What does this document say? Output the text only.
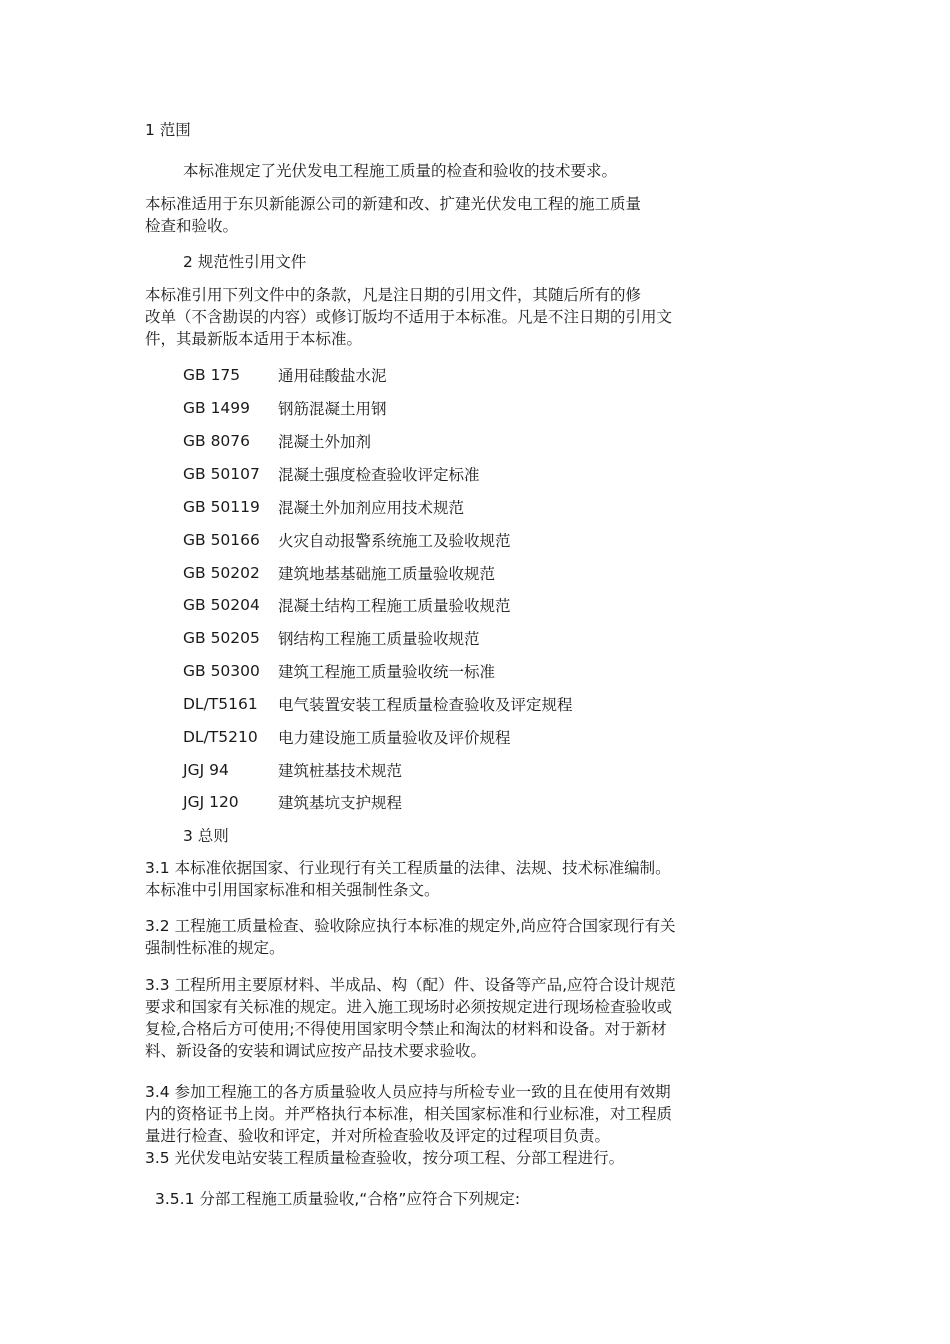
1 范围
本标准规定了光伏发电工程施工质量的检查和验收的技术要求。
本标准适用于东贝新能源公司的新建和改、扩建光伏发电工程的施工质量
检查和验收。
2 规范性引用文件
本标准引用下列文件中的条款，凡是注日期的引用文件，其随后所有的修
改单（不含勘误的内容）或修订版均不适用于本标准。凡是不注日期的引用文
件，其最新版本适用于本标准。
GB 175 通用硅酸盐水泥
GB 1499 钢筋混凝土用钢
GB 8076 混凝土外加剂
GB 50107 混凝土强度检查验收评定标准
GB 50119 混凝土外加剂应用技术规范
GB 50166 火灾自动报警系统施工及验收规范
GB 50202 建筑地基基础施工质量验收规范
GB 50204 混凝土结构工程施工质量验收规范
GB 50205 钢结构工程施工质量验收规范
GB 50300 建筑工程施工质量验收统一标准
DL/T5161 电气装置安装工程质量检查验收及评定规程
DL/T5210 电力建设施工质量验收及评价规程
JGJ 94	建筑桩基技术规范
JGJ 120	建筑基坑支护规程
3 总则
3.1 本标准依据国家、行业现行有关工程质量的法律、法规、技术标准编制。
本标准中引用国家标准和相关强制性条文。
3.2 工程施工质量检查、验收除应执行本标准的规定外,尚应符合国家现行有关
强制性标准的规定。
3.3 工程所用主要原材料、半成品、构（配）件、设备等产品,应符合设计规范
要求和国家有关标准的规定。进入施工现场时必须按规定进行现场检查验收或
复检,合格后方可使用;不得使用国家明令禁止和淘汰的材料和设备。对于新材
料、新设备的安装和调试应按产品技术要求验收。
3.4 参加工程施工的各方质量验收人员应持与所检专业一致的且在使用有效期
内的资格证书上岗。并严格执行本标准，相关国家标准和行业标准，对工程质
量进行检查、验收和评定，并对所检查验收及评定的过程项目负责。
3.5 光伏发电站安装工程质量检查验收，按分项工程、分部工程进行。
3.5.1 分部工程施工质量验收,“合格”应符合下列规定:
